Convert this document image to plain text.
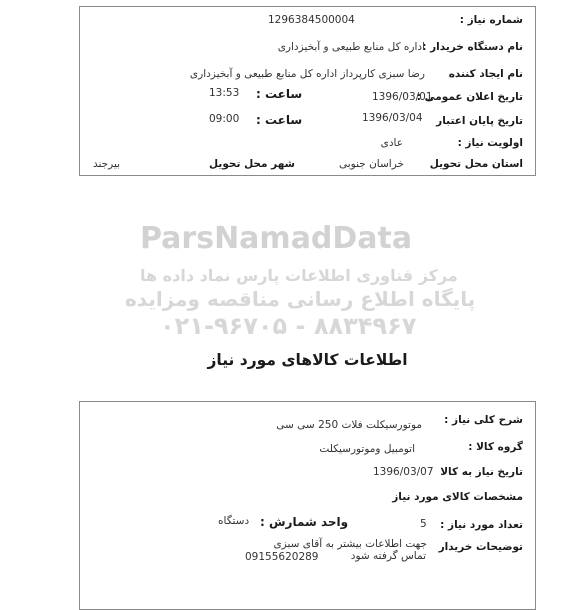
ParsNamadData
مرکز فناوری اطلاعات پارس نماد داده ها
پایگاه اطلاع رسانی مناقصه ومزایده
۰۲۱-۹۶۷۰۵ - ۸۸۳۴۹۶۷
شماره نیاز :
1296384500004
نام دستگاه خریدار :
اداره کل منابع طبیعی و آبخیزداری
نام ایجاد کننده
رضا سبزی کارپرداز اداره کل منابع طبیعی و آبخیزداری
تاریخ اعلان عمومی :
1396/03/01
ساعت :
13:53
تاریخ پایان اعتبار
1396/03/04
ساعت :
09:00
اولویت نیاز :
عادی
استان محل تحویل
خراسان جنوبی
شهر محل تحویل
بیرجند
اطلاعات کالاهای مورد نیاز
شرح کلی نیاز :
موتورسیکلت فلات 250 سی سی
گروه کالا :
اتومبیل وموتورسیکلت
تاریخ نیاز به کالا
1396/03/07
مشخصات کالای مورد نیاز
تعداد مورد نیاز :
5
واحد شمارش :
دستگاه
توضیحات خریدار
جهت اطلاعات بیشتر به آقای سبزی
تماس گرفته شود
09155620289
